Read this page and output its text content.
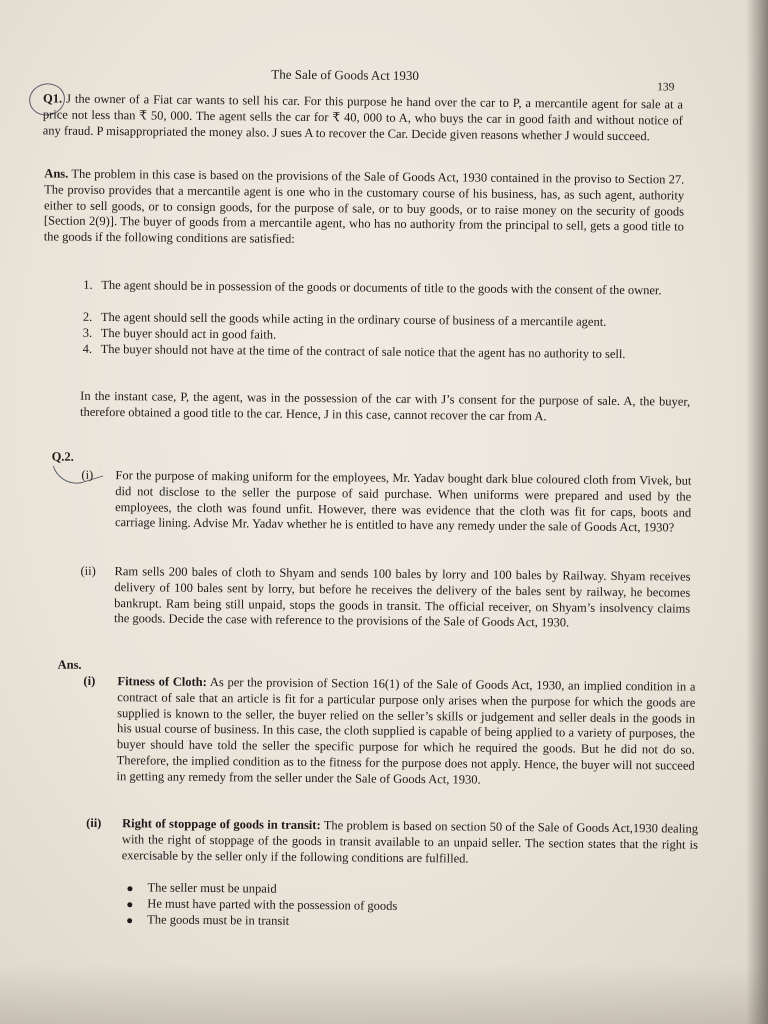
The Sale of Goods Act 1930
139
Q1. J the owner of a Fiat car wants to sell his car. For this purpose he hand over the car to P, a mercantile agent for sale at a price not less than ₹ 50, 000. The agent sells the car for ₹ 40, 000 to A, who buys the car in good faith and without notice of any fraud. P misappropriated the money also. J sues A to recover the Car. Decide given reasons whether J would succeed.
Ans. The problem in this case is based on the provisions of the Sale of Goods Act, 1930 contained in the proviso to Section 27. The proviso provides that a mercantile agent is one who in the customary course of his business, has, as such agent, authority either to sell goods, or to consign goods, for the purpose of sale, or to buy goods, or to raise money on the security of goods [Section 2(9)]. The buyer of goods from a mercantile agent, who has no authority from the principal to sell, gets a good title to the goods if the following conditions are satisfied:
1. The agent should be in possession of the goods or documents of title to the goods with the consent of the owner.
2. The agent should sell the goods while acting in the ordinary course of business of a mercantile agent.
3. The buyer should act in good faith.
4. The buyer should not have at the time of the contract of sale notice that the agent has no authority to sell.
In the instant case, P, the agent, was in the possession of the car with J’s consent for the purpose of sale. A, the buyer, therefore obtained a good title to the car. Hence, J in this case, cannot recover the car from A.
Q.2.
(i) For the purpose of making uniform for the employees, Mr. Yadav bought dark blue coloured cloth from Vivek, but did not disclose to the seller the purpose of said purchase. When uniforms were prepared and used by the employees, the cloth was found unfit. However, there was evidence that the cloth was fit for caps, boots and carriage lining. Advise Mr. Yadav whether he is entitled to have any remedy under the sale of Goods Act, 1930?
(ii) Ram sells 200 bales of cloth to Shyam and sends 100 bales by lorry and 100 bales by Railway. Shyam receives delivery of 100 bales sent by lorry, but before he receives the delivery of the bales sent by railway, he becomes bankrupt. Ram being still unpaid, stops the goods in transit. The official receiver, on Shyam’s insolvency claims the goods. Decide the case with reference to the provisions of the Sale of Goods Act, 1930.
Ans.
(i) Fitness of Cloth: As per the provision of Section 16(1) of the Sale of Goods Act, 1930, an implied condition in a contract of sale that an article is fit for a particular purpose only arises when the purpose for which the goods are supplied is known to the seller, the buyer relied on the seller’s skills or judgement and seller deals in the goods in his usual course of business. In this case, the cloth supplied is capable of being applied to a variety of purposes, the buyer should have told the seller the specific purpose for which he required the goods. But he did not do so. Therefore, the implied condition as to the fitness for the purpose does not apply. Hence, the buyer will not succeed in getting any remedy from the seller under the Sale of Goods Act, 1930.
(ii) Right of stoppage of goods in transit: The problem is based on section 50 of the Sale of Goods Act,1930 dealing with the right of stoppage of the goods in transit available to an unpaid seller. The section states that the right is exercisable by the seller only if the following conditions are fulfilled.
The seller must be unpaid
He must have parted with the possession of goods
The goods must be in transit
